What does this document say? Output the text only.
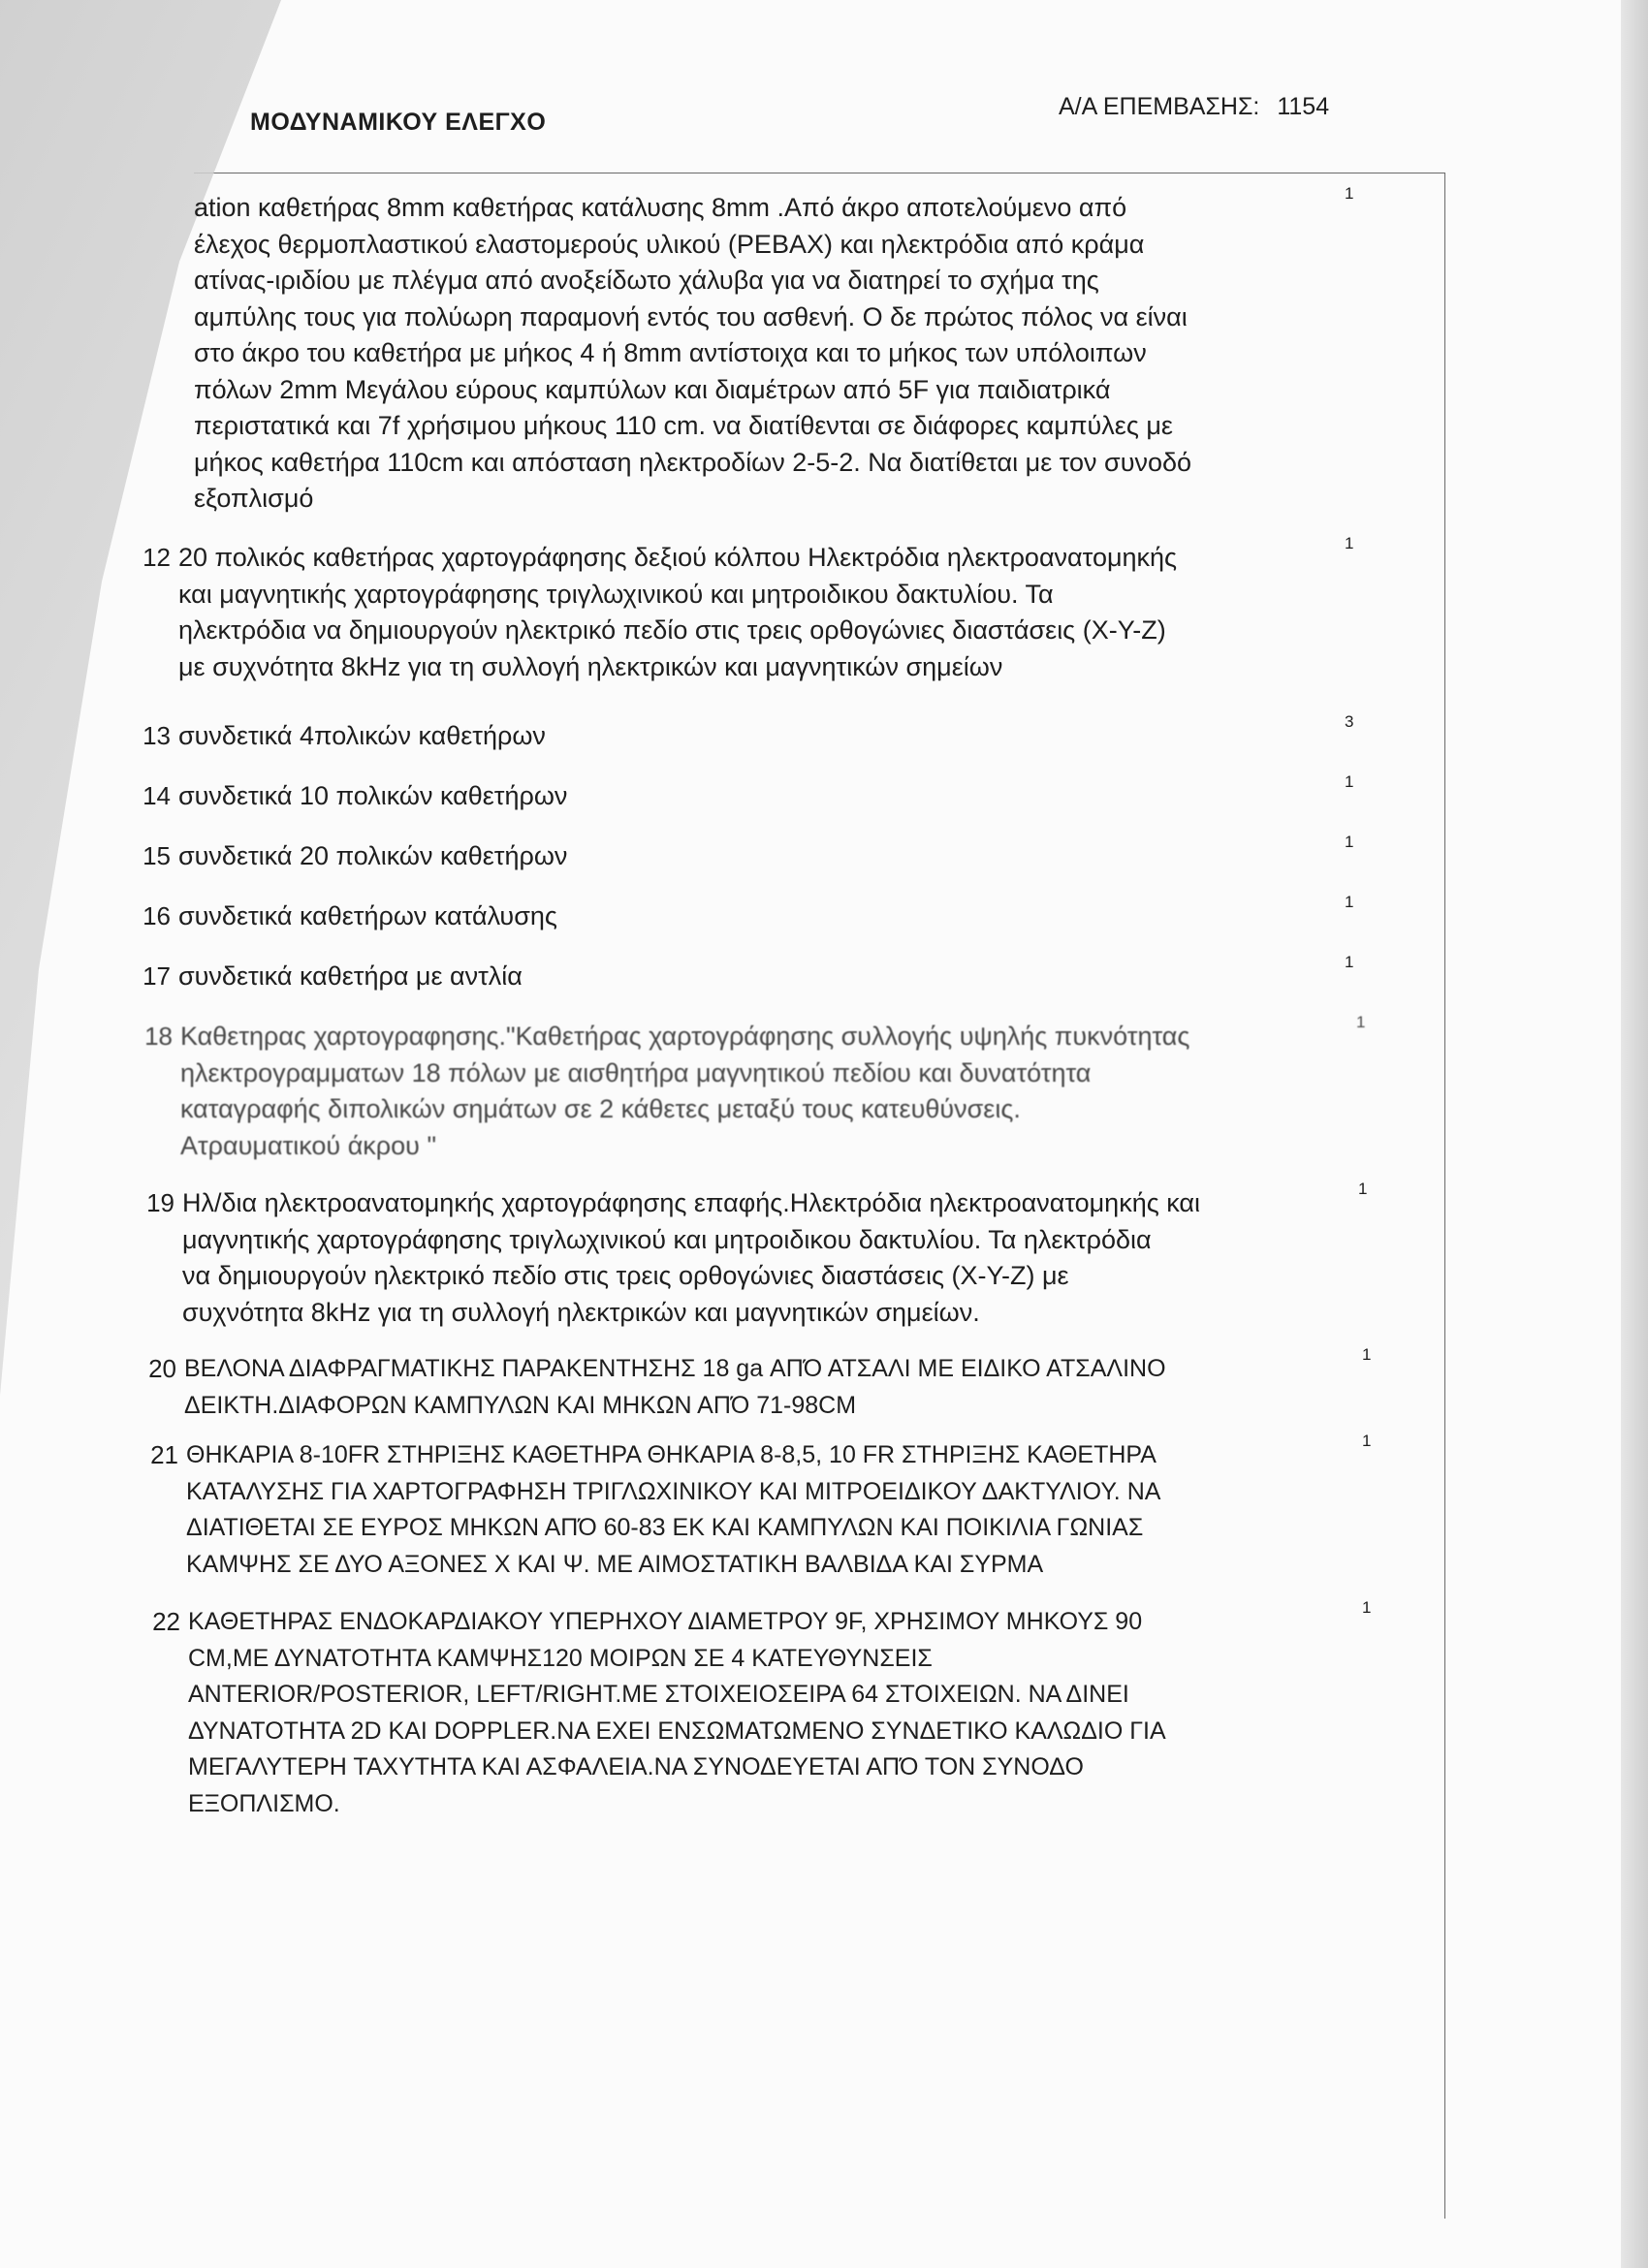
ΜΟΔΥΝΑΜΙΚΟΥ ΕΛΕΓΧΟ
Α/Α ΕΠΕΜΒΑΣΗΣ: 1154
ation καθετήρας 8mm καθετήρας κατάλυσης 8mm .Από άκρο αποτελούμενο από
έλεχος θερμοπλαστικού ελαστομερούς υλικού (PEBAX) και ηλεκτρόδια από κράμα
ατίνας-ιριδίου με πλέγμα από ανοξείδωτο χάλυβα για να διατηρεί το σχήμα της
αμπύλης τους για πολύωρη παραμονή εντός του ασθενή. Ο δε πρώτος πόλος να είναι
στο άκρο του καθετήρα με μήκος 4 ή 8mm αντίστοιχα και το μήκος των υπόλοιπων
πόλων 2mm Μεγάλου εύρους καμπύλων και διαμέτρων από 5F για παιδιατρικά
περιστατικά και 7f χρήσιμου μήκους 110 cm. να διατίθενται σε διάφορες καμπύλες με
μήκος καθετήρα 110cm και απόσταση ηλεκτροδίων 2-5-2. Να διατίθεται με τον συνοδό
εξοπλισμό
1
12 20 πολικός καθετήρας χαρτογράφησης δεξιού κόλπου Ηλεκτρόδια ηλεκτροανατομηκής
και μαγνητικής χαρτογράφησης τριγλωχινικού και μητροιδικου δακτυλίου. Τα
ηλεκτρόδια να δημιουργούν ηλεκτρικό πεδίο στις τρεις ορθογώνιες διαστάσεις (X-Y-Z)
με συχνότητα 8kHz για τη συλλογή ηλεκτρικών και μαγνητικών σημείων
1
13 συνδετικά 4πολικών καθετήρων	3
14 συνδετικά 10 πολικών καθετήρων	1
15 συνδετικά 20 πολικών καθετήρων	1
16 συνδετικά καθετήρων κατάλυσης	1
17 συνδετικά καθετήρα με αντλία	1
18 Καθετηρας χαρτογραφησης."Καθετήρας χαρτογράφησης συλλογής υψηλής πυκνότητας
ηλεκτρογραμματων 18 πόλων με αισθητήρα μαγνητικού πεδίου και δυνατότητα
καταγραφής διπολικών σημάτων σε 2 κάθετες μεταξύ τους κατευθύνσεις.
Ατραυματικού άκρου "
1
19 Ηλ/δια ηλεκτροανατομηκής χαρτογράφησης επαφής.Ηλεκτρόδια ηλεκτροανατομηκής και
μαγνητικής χαρτογράφησης τριγλωχινικού και μητροιδικου δακτυλίου. Τα ηλεκτρόδια
να δημιουργούν ηλεκτρικό πεδίο στις τρεις ορθογώνιες διαστάσεις (X-Y-Z) με
συχνότητα 8kHz για τη συλλογή ηλεκτρικών και μαγνητικών σημείων.
1
20 ΒΕΛΟΝΑ ΔΙΑΦΡΑΓΜΑΤΙΚΗΣ ΠΑΡΑΚΕΝΤΗΣΗΣ 18 ga ΑΠΌ ΑΤΣΑΛΙ ΜΕ ΕΙΔΙΚΟ ΑΤΣΑΛΙΝΟ
ΔΕΙΚΤΗ.ΔΙΑΦΟΡΩΝ ΚΑΜΠΥΛΩΝ ΚΑΙ ΜΗΚΩΝ ΑΠΌ 71-98CM
1
21 ΘΗΚΑΡΙΑ 8-10FR ΣΤΗΡΙΞΗΣ ΚΑΘΕΤΗΡΑ ΘΗΚΑΡΙΑ 8-8,5, 10 FR ΣΤΗΡΙΞΗΣ ΚΑΘΕΤΗΡΑ
ΚΑΤΑΛΥΣΗΣ ΓΙΑ ΧΑΡΤΟΓΡΑΦΗΣΗ ΤΡΙΓΛΩΧΙΝΙΚΟΥ ΚΑΙ ΜΙΤΡΟΕΙΔΙΚΟΥ ΔΑΚΤΥΛΙΟΥ. ΝΑ
ΔΙΑΤΙΘΕΤΑΙ ΣΕ ΕΥΡΟΣ ΜΗΚΩΝ ΑΠΌ 60-83 ΕΚ ΚΑΙ ΚΑΜΠΥΛΩΝ ΚΑΙ ΠΟΙΚΙΛΙΑ ΓΩΝΙΑΣ
ΚΑΜΨΗΣ ΣΕ ΔΥΟ ΑΞΟΝΕΣ Χ ΚΑΙ Ψ. ΜΕ ΑΙΜΟΣΤΑΤΙΚΗ ΒΑΛΒΙΔΑ ΚΑΙ ΣΥΡΜΑ
1
22 ΚΑΘΕΤΗΡΑΣ ΕΝΔΟΚΑΡΔΙΑΚΟΥ ΥΠΕΡΗΧΟΥ ΔΙΑΜΕΤΡΟΥ 9F, ΧΡΗΣΙΜΟΥ ΜΗΚΟΥΣ 90
CM,ΜΕ ΔΥΝΑΤΟΤΗΤΑ ΚΑΜΨΗΣ120 ΜΟΙΡΩΝ ΣΕ 4 ΚΑΤΕΥΘΥΝΣΕΙΣ
ANTERIOR/POSTERIOR, LEFT/RIGHT.ΜΕ ΣΤΟΙΧΕΙΟΣΕΙΡΑ 64 ΣΤΟΙΧΕΙΩΝ. ΝΑ ΔΙΝΕΙ
ΔΥΝΑΤΟΤΗΤΑ 2D ΚΑΙ DOPPLER.ΝΑ ΕΧΕΙ ΕΝΣΩΜΑΤΩΜΕΝΟ ΣΥΝΔΕΤΙΚΟ ΚΑΛΩΔΙΟ ΓΙΑ
ΜΕΓΑΛΥΤΕΡΗ ΤΑΧΥΤΗΤΑ ΚΑΙ ΑΣΦΑΛΕΙΑ.ΝΑ ΣΥΝΟΔΕΥΕΤΑΙ ΑΠΌ ΤΟΝ ΣΥΝΟΔΟ
ΕΞΟΠΛΙΣΜΟ.
1
